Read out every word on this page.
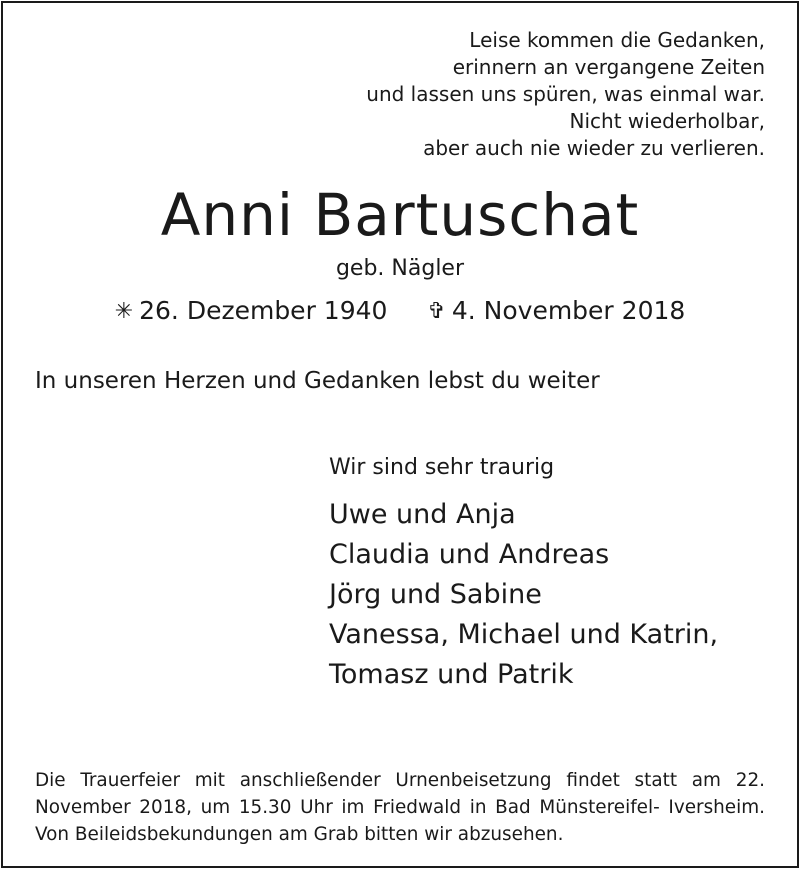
Leise kommen die Gedanken,
erinnern an vergangene Zeiten
und lassen uns spüren, was einmal war.
Nicht wiederholbar,
aber auch nie wieder zu verlieren.
Anni Bartuschat
geb. Nägler
✳ 26. Dezember 1940 ✞ 4. November 2018
In unseren Herzen und Gedanken lebst du weiter
Wir sind sehr traurig
Uwe und Anja
Claudia und Andreas
Jörg und Sabine
Vanessa, Michael und Katrin,
Tomasz und Patrik
Die Trauerfeier mit anschließender Urnenbeisetzung findet statt am 22. November 2018, um 15.30 Uhr im Friedwald in Bad Münstereifel- Iversheim. Von Beileidsbekundungen am Grab bitten wir abzusehen.
